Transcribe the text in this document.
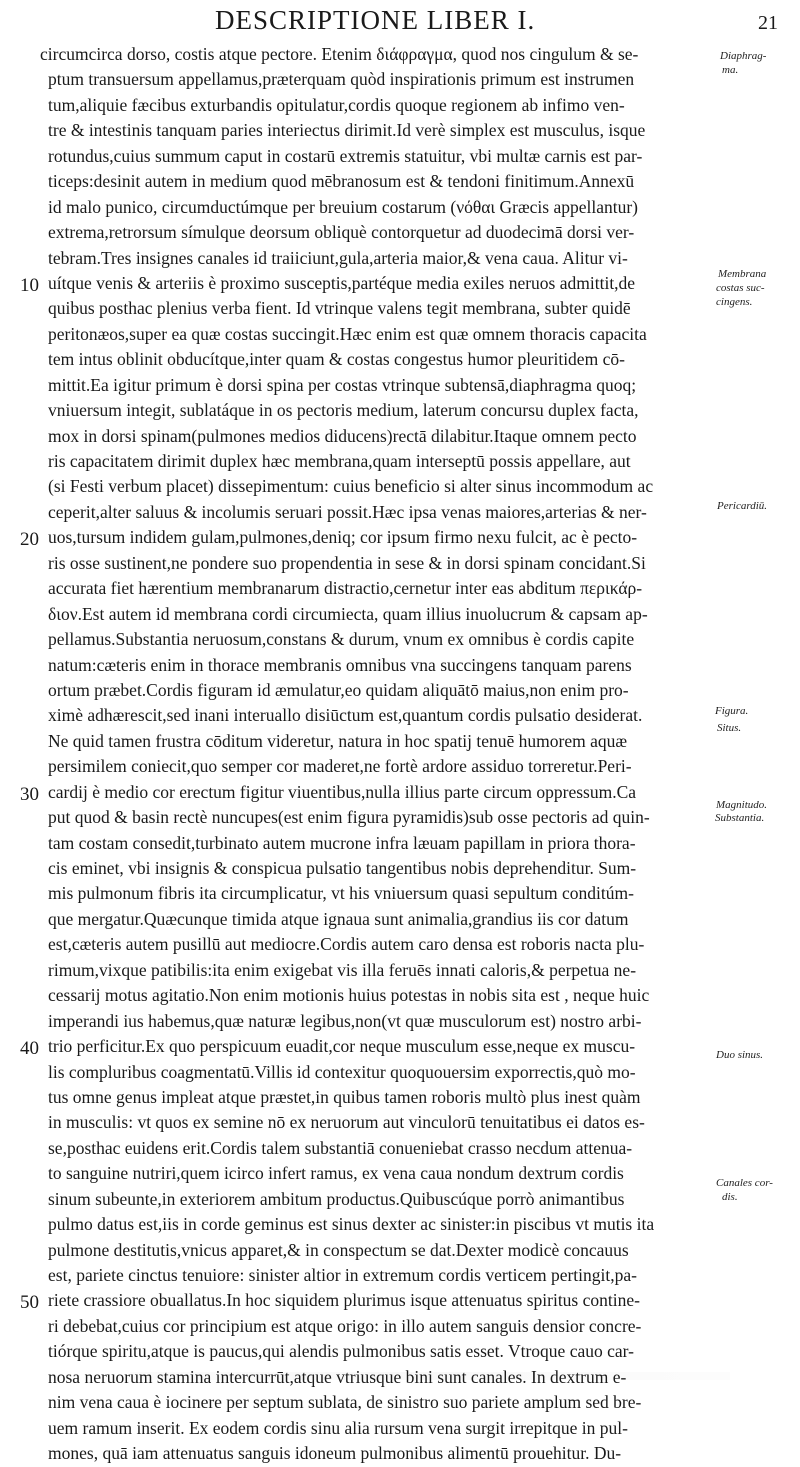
DESCRIPTIONE LIBER I.	21
circumcirca dorso, costis atque pectore. Etenim διάφραγμα, quod nos cingulum & se-
ptum transuersum appellamus,præterquam quòd inspirationis primum est instrumen
tum,aliquie fæcibus exturbandis opitulatur,cordis quoque regionem ab infimo ven-
tre & intestinis tanquam paries interiectus dirimit.Id verè simplex est musculus, isque
rotundus,cuius summum caput in costarū extremis statuitur, vbi multæ carnis est par-
ticeps:desinit autem in medium quod mēbranosum est & tendoni finitimum.Annexū
id malo punico, circumductúmque per breuium costarum (νόθαι Græcis appellantur)
extrema,retrorsum símulque deorsum obliquè contorquetur ad duodecimā dorsi ver-
tebram.Tres insignes canales id traiiciunt,gula,arteria maior,& vena caua. Alitur vi-
10 uítque venis & arteriis è proximo susceptis,partéque media exiles neruos admittit,de
quibus posthac plenius verba fient. Id vtrinque valens tegit membrana, subter quidē
peritonæos,super ea quæ costas succingit.Hæc enim est quæ omnem thoracis capacita
tem intus oblinit obducítque,inter quam & costas congestus humor pleuritidem cō-
mittit.Ea igitur primum è dorsi spina per costas vtrinque subtensā,diaphragma quoq;
vniuersum integit, sublatáque in os pectoris medium, laterum concursu duplex facta,
mox in dorsi spinam(pulmones medios diducens)rectā dilabitur.Itaque omnem pecto
ris capacitatem dirimit duplex hæc membrana,quam interseptū possis appellare, aut
(si Festi verbum placet) dissepimentum: cuius beneficio si alter sinus incommodum ac
ceperit,alter saluus & incolumis seruari possit.Hæc ipsa venas maiores,arterias & ner-
20 uos,tursum indidem gulam,pulmones,deniq; cor ipsum firmo nexu fulcit, ac è pecto-
ris osse sustinent,ne pondere suo propendentia in sese & in dorsi spinam concidant.Si
accurata fiet hærentium membranarum distractio,cernetur inter eas abditum περικάρ-
διον.Est autem id membrana cordi circumiecta, quam illius inuolucrum & capsam ap-
pellamus.Substantia neruosum,constans & durum, vnum ex omnibus è cordis capite
natum:cæteris enim in thorace membranis omnibus vna succingens tanquam parens
ortum præbet.Cordis figuram id æmulatur,eo quidam aliquātō maius,non enim pro-
ximè adhærescit,sed inani interuallo disiūctum est,quantum cordis pulsatio desiderat.
Ne quid tamen frustra cōditum videretur, natura in hoc spatij tenuē humorem aquæ
persimilem coniecit,quo semper cor maderet,ne fortè ardore assiduo torreretur.Peri-
30 cardij è medio cor erectum figitur viuentibus,nulla illius parte circum oppressum.Ca
put quod & basin rectè nuncupes(est enim figura pyramidis)sub osse pectoris ad quin-
tam costam consedit,turbinato autem mucrone infra læuam papillam in priora thora-
cis eminet, vbi insignis & conspicua pulsatio tangentibus nobis deprehenditur. Sum-
mis pulmonum fibris ita circumplicatur, vt his vniuersum quasi sepultum conditúm-
que mergatur.Quæcunque timida atque ignaua sunt animalia,grandius iis cor datum
est,cæteris autem pusillū aut mediocre.Cordis autem caro densa est roboris nacta plu-
rimum,vixque patibilis:ita enim exigebat vis illa feruēs innati caloris,& perpetua ne-
cessarij motus agitatio.Non enim motionis huius potestas in nobis sita est , neque huic
imperandi ius habemus,quæ naturæ legibus,non(vt quæ musculorum est) nostro arbi-
40 trio perficitur.Ex quo perspicuum euadit,cor neque musculum esse,neque ex muscu-
lis compluribus coagmentatū.Villis id contexitur quoquouersim exporrectis,quò mo-
tus omne genus impleat atque præstet,in quibus tamen roboris multò plus inest quàm
in musculis: vt quos ex semine nō ex neruorum aut vinculorū tenuitatibus ei datos es-
se,posthac euidens erit.Cordis talem substantiā conueniebat crasso necdum attenua-
to sanguine nutriri,quem icirco infert ramus, ex vena caua nondum dextrum cordis
sinum subeunte,in exteriorem ambitum productus.Quibuscúque porrò animantibus
pulmo datus est,iis in corde geminus est sinus dexter ac sinister:in piscibus vt mutis ita
pulmone destitutis,vnicus apparet,& in conspectum se dat.Dexter modicè concauus
est, pariete cinctus tenuiore: sinister altior in extremum cordis verticem pertingit,pa-
50 riete crassiore obuallatus.In hoc siquidem plurimus isque attenuatus spiritus contine-
ri debebat,cuius cor principium est atque origo: in illo autem sanguis densior concre-
tiórque spiritu,atque is paucus,qui alendis pulmonibus satis esset. Vtroque cauo car-
nosa neruorum stamina intercurrūt,atque vtriusque bini sunt canales. In dextrum e-
nim vena caua è iocinere per septum sublata, de sinistro suo pariete amplum sed bre-
uem ramum inserit. Ex eodem cordis sinu alia rursum vena surgit irrepitque in pul-
mones, quā iam attenuatus sanguis idoneum pulmonibus alimentū prouehitur. Du-
Diaphrag-
ma.
Membrana
costas suc-
cingens.
Pericardiū.
Figura.
Situs.
Magnitudo.
Substantia.
Duo sinus.
Canales cor-
dis.
